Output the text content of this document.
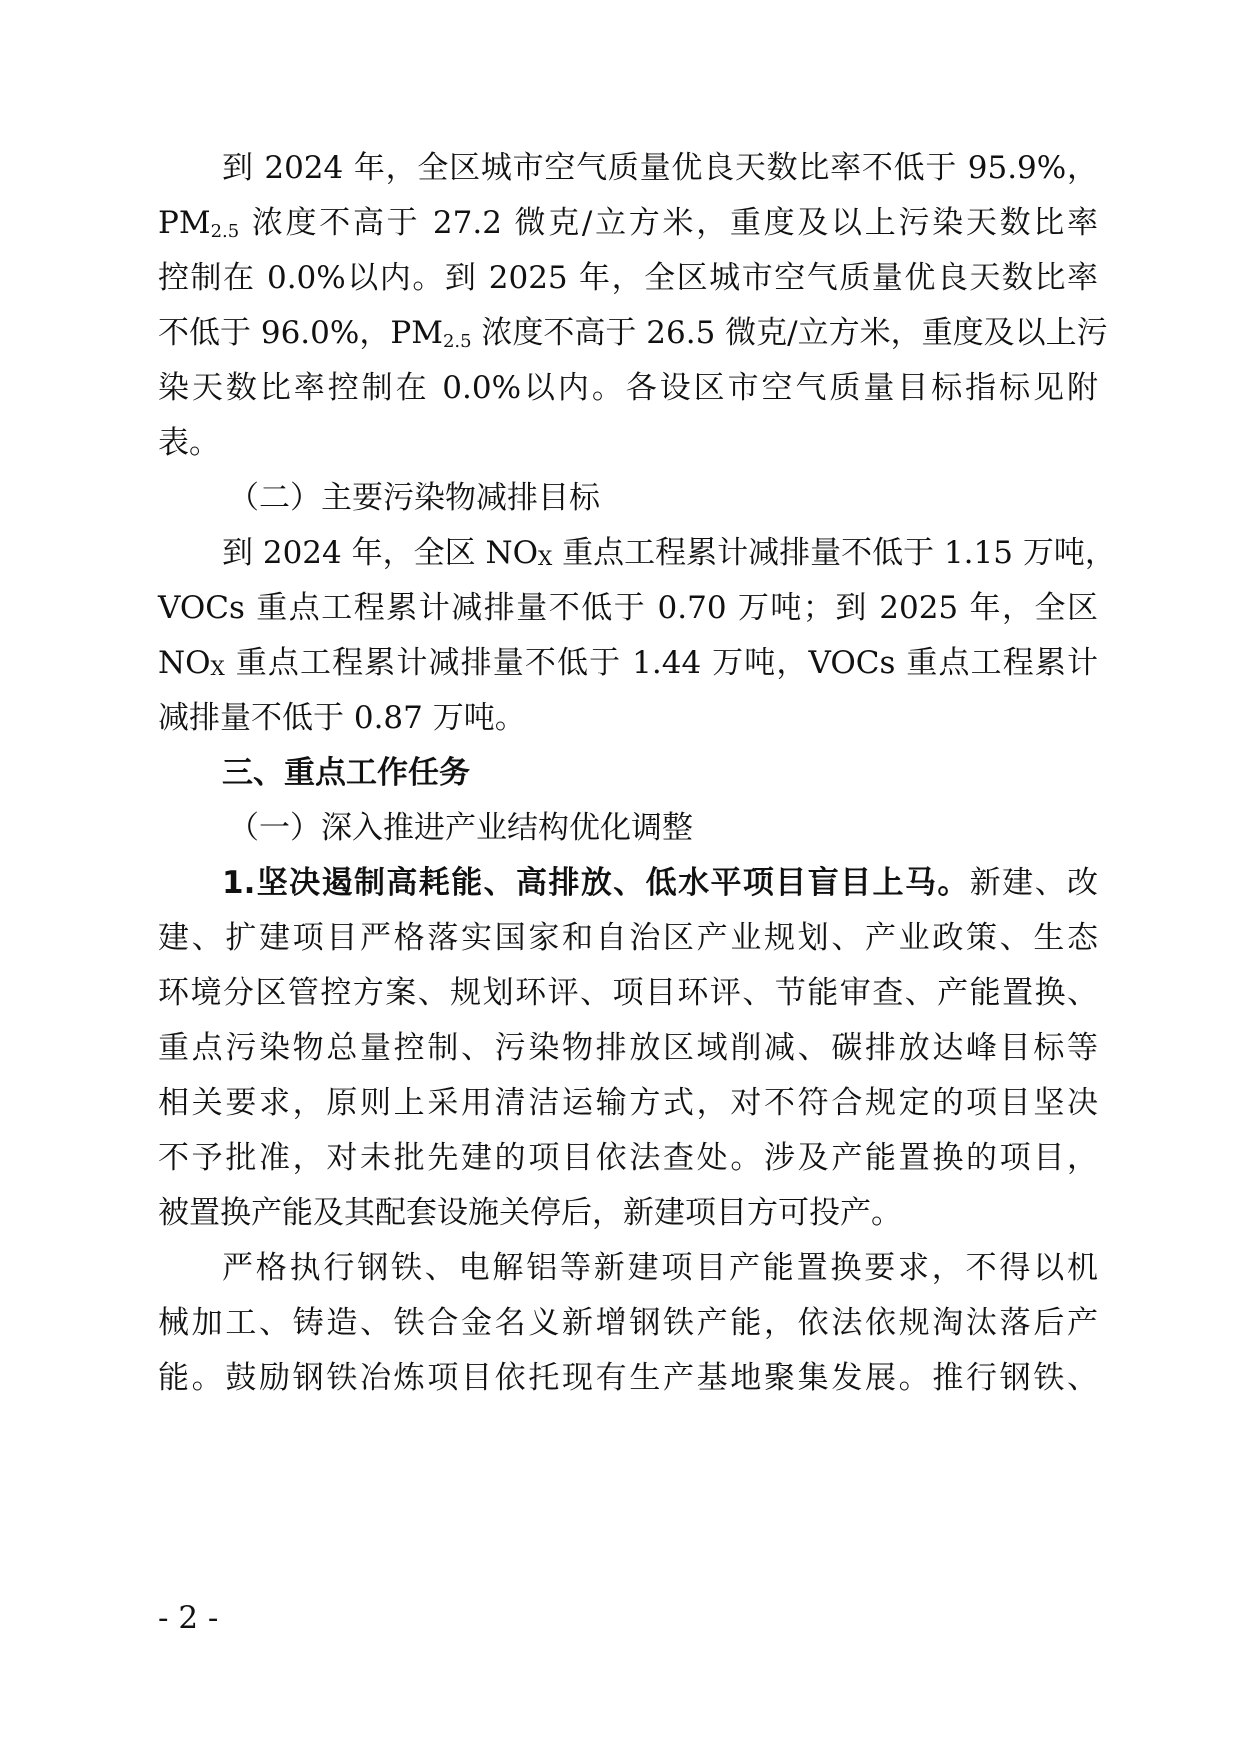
到 2024 年，全区城市空气质量优良天数比率不低于 95.9%，
$PM_{2.5}$ 浓度不高于 27.2 微克/立方米，重度及以上污染天数比率
控制在 0.0%以内。到 2025 年，全区城市空气质量优良天数比率
不低于 96.0%，$PM_{2.5}$ 浓度不高于 26.5 微克/立方米，重度及以上污
染天数比率控制在 0.0%以内。各设区市空气质量目标指标见附
表。
（二）主要污染物减排目标
到 2024 年，全区 NOX 重点工程累计减排量不低于 1.15 万吨，
VOCs 重点工程累计减排量不低于 0.70 万吨；到 2025 年，全区
NOX 重点工程累计减排量不低于 1.44 万吨，VOCs 重点工程累计
减排量不低于 0.87 万吨。
三、重点工作任务
（一）深入推进产业结构优化调整
1.坚决遏制高耗能、高排放、低水平项目盲目上马。新建、改
建、扩建项目严格落实国家和自治区产业规划、产业政策、生态
环境分区管控方案、规划环评、项目环评、节能审查、产能置换、
重点污染物总量控制、污染物排放区域削减、碳排放达峰目标等
相关要求，原则上采用清洁运输方式，对不符合规定的项目坚决
不予批准，对未批先建的项目依法查处。涉及产能置换的项目，
被置换产能及其配套设施关停后，新建项目方可投产。
严格执行钢铁、电解铝等新建项目产能置换要求，不得以机
械加工、铸造、铁合金名义新增钢铁产能，依法依规淘汰落后产
能。鼓励钢铁冶炼项目依托现有生产基地聚集发展。推行钢铁、
- 2 -
